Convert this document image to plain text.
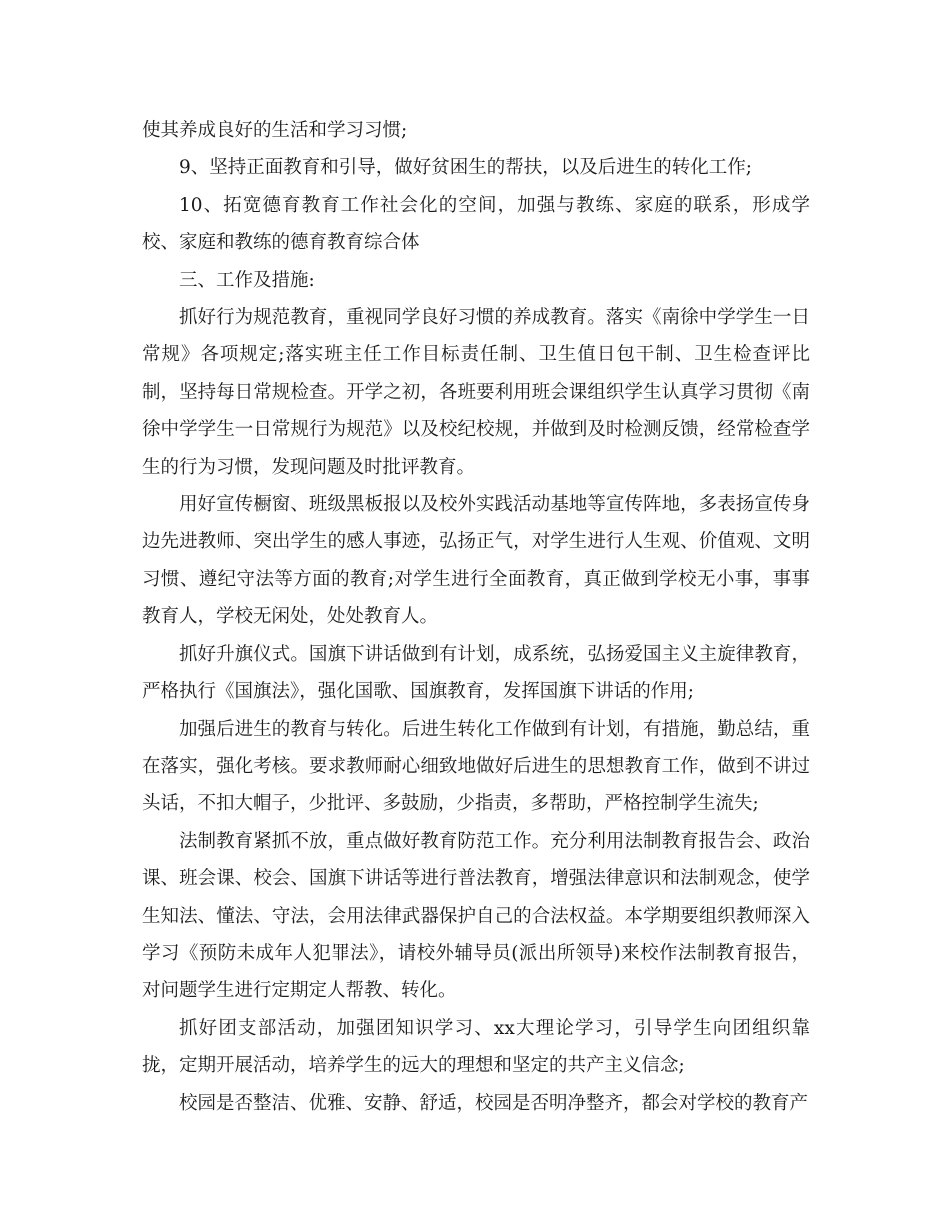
使其养成良好的生活和学习习惯;

9、坚持正面教育和引导，做好贫困生的帮扶，以及后进生的转化工作;

10、拓宽德育教育工作社会化的空间，加强与教练、家庭的联系，形成学校、家庭和教练的德育教育综合体

三、工作及措施:

抓好行为规范教育，重视同学良好习惯的养成教育。落实《南徐中学学生一日常规》各项规定;落实班主任工作目标责任制、卫生值日包干制、卫生检查评比制，坚持每日常规检查。开学之初，各班要利用班会课组织学生认真学习贯彻《南徐中学学生一日常规行为规范》以及校纪校规，并做到及时检测反馈，经常检查学生的行为习惯，发现问题及时批评教育。

用好宣传橱窗、班级黑板报以及校外实践活动基地等宣传阵地，多表扬宣传身边先进教师、突出学生的感人事迹，弘扬正气，对学生进行人生观、价值观、文明习惯、遵纪守法等方面的教育;对学生进行全面教育，真正做到学校无小事，事事教育人，学校无闲处，处处教育人。

抓好升旗仪式。国旗下讲话做到有计划，成系统，弘扬爱国主义主旋律教育，严格执行《国旗法》，强化国歌、国旗教育，发挥国旗下讲话的作用;

加强后进生的教育与转化。后进生转化工作做到有计划，有措施，勤总结，重在落实，强化考核。要求教师耐心细致地做好后进生的思想教育工作，做到不讲过头话，不扣大帽子，少批评、多鼓励，少指责，多帮助，严格控制学生流失;

法制教育紧抓不放，重点做好教育防范工作。充分利用法制教育报告会、政治课、班会课、校会、国旗下讲话等进行普法教育，增强法律意识和法制观念，使学生知法、懂法、守法，会用法律武器保护自己的合法权益。本学期要组织教师深入学习《预防未成年人犯罪法》，请校外辅导员(派出所领导)来校作法制教育报告，对问题学生进行定期定人帮教、转化。

抓好团支部活动，加强团知识学习、xx大理论学习，引导学生向团组织靠拢，定期开展活动，培养学生的远大的理想和坚定的共产主义信念;

校园是否整洁、优雅、安静、舒适，校园是否明净整齐，都会对学校的教育产
